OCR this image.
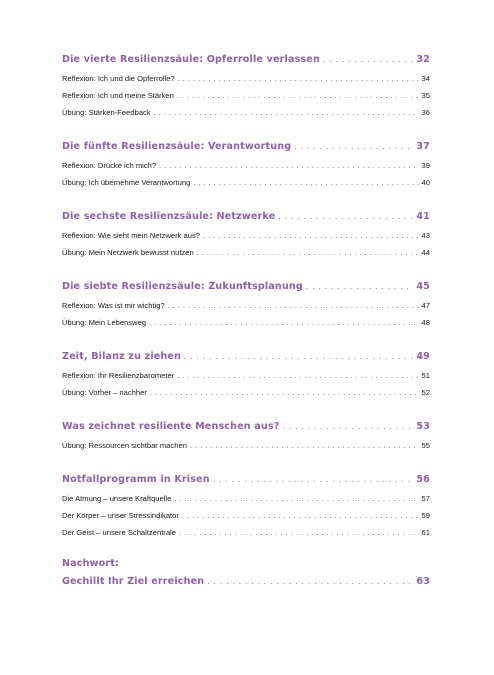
Die vierte Resilienzsäule: Opferrolle verlassen . . .	32
Reflexion: Ich und die Opferrolle? . . .	34
Reflexion: Ich und meine Stärken . . .	35
Übung: Stärken-Feedback . . .	36
Die fünfte Resilienzsäule: Verantwortung . . .	37
Reflexion: Drücke ich mich? . . .	39
Übung: Ich übernehme Verantwortung . . .	40
Die sechste Resilienzsäule: Netzwerke . . .	41
Reflexion: Wie sieht mein Netzwerk aus? . . .	43
Übung: Mein Netzwerk bewusst nutzen . . .	44
Die siebte Resilienzsäule: Zukunftsplanung . . .	45
Reflexion: Was ist mir wichtig? . . .	47
Übung: Mein Lebensweg . . .	48
Zeit, Bilanz zu ziehen . . .	49
Reflexion: Ihr Resilienzbarometer . . .	51
Übung: Vorher – nachher . . .	52
Was zeichnet resiliente Menschen aus? . . .	53
Übung: Ressourcen sichtbar machen . . .	55
Notfallprogramm in Krisen . . .	56
Die Atmung – unsere Kraftquelle . . .	57
Der Körper – unser Stressindikator . . .	59
Der Geist – unsere Schaltzentrale . . .	61
Nachwort:
Gechillt Ihr Ziel erreichen . . .	63
